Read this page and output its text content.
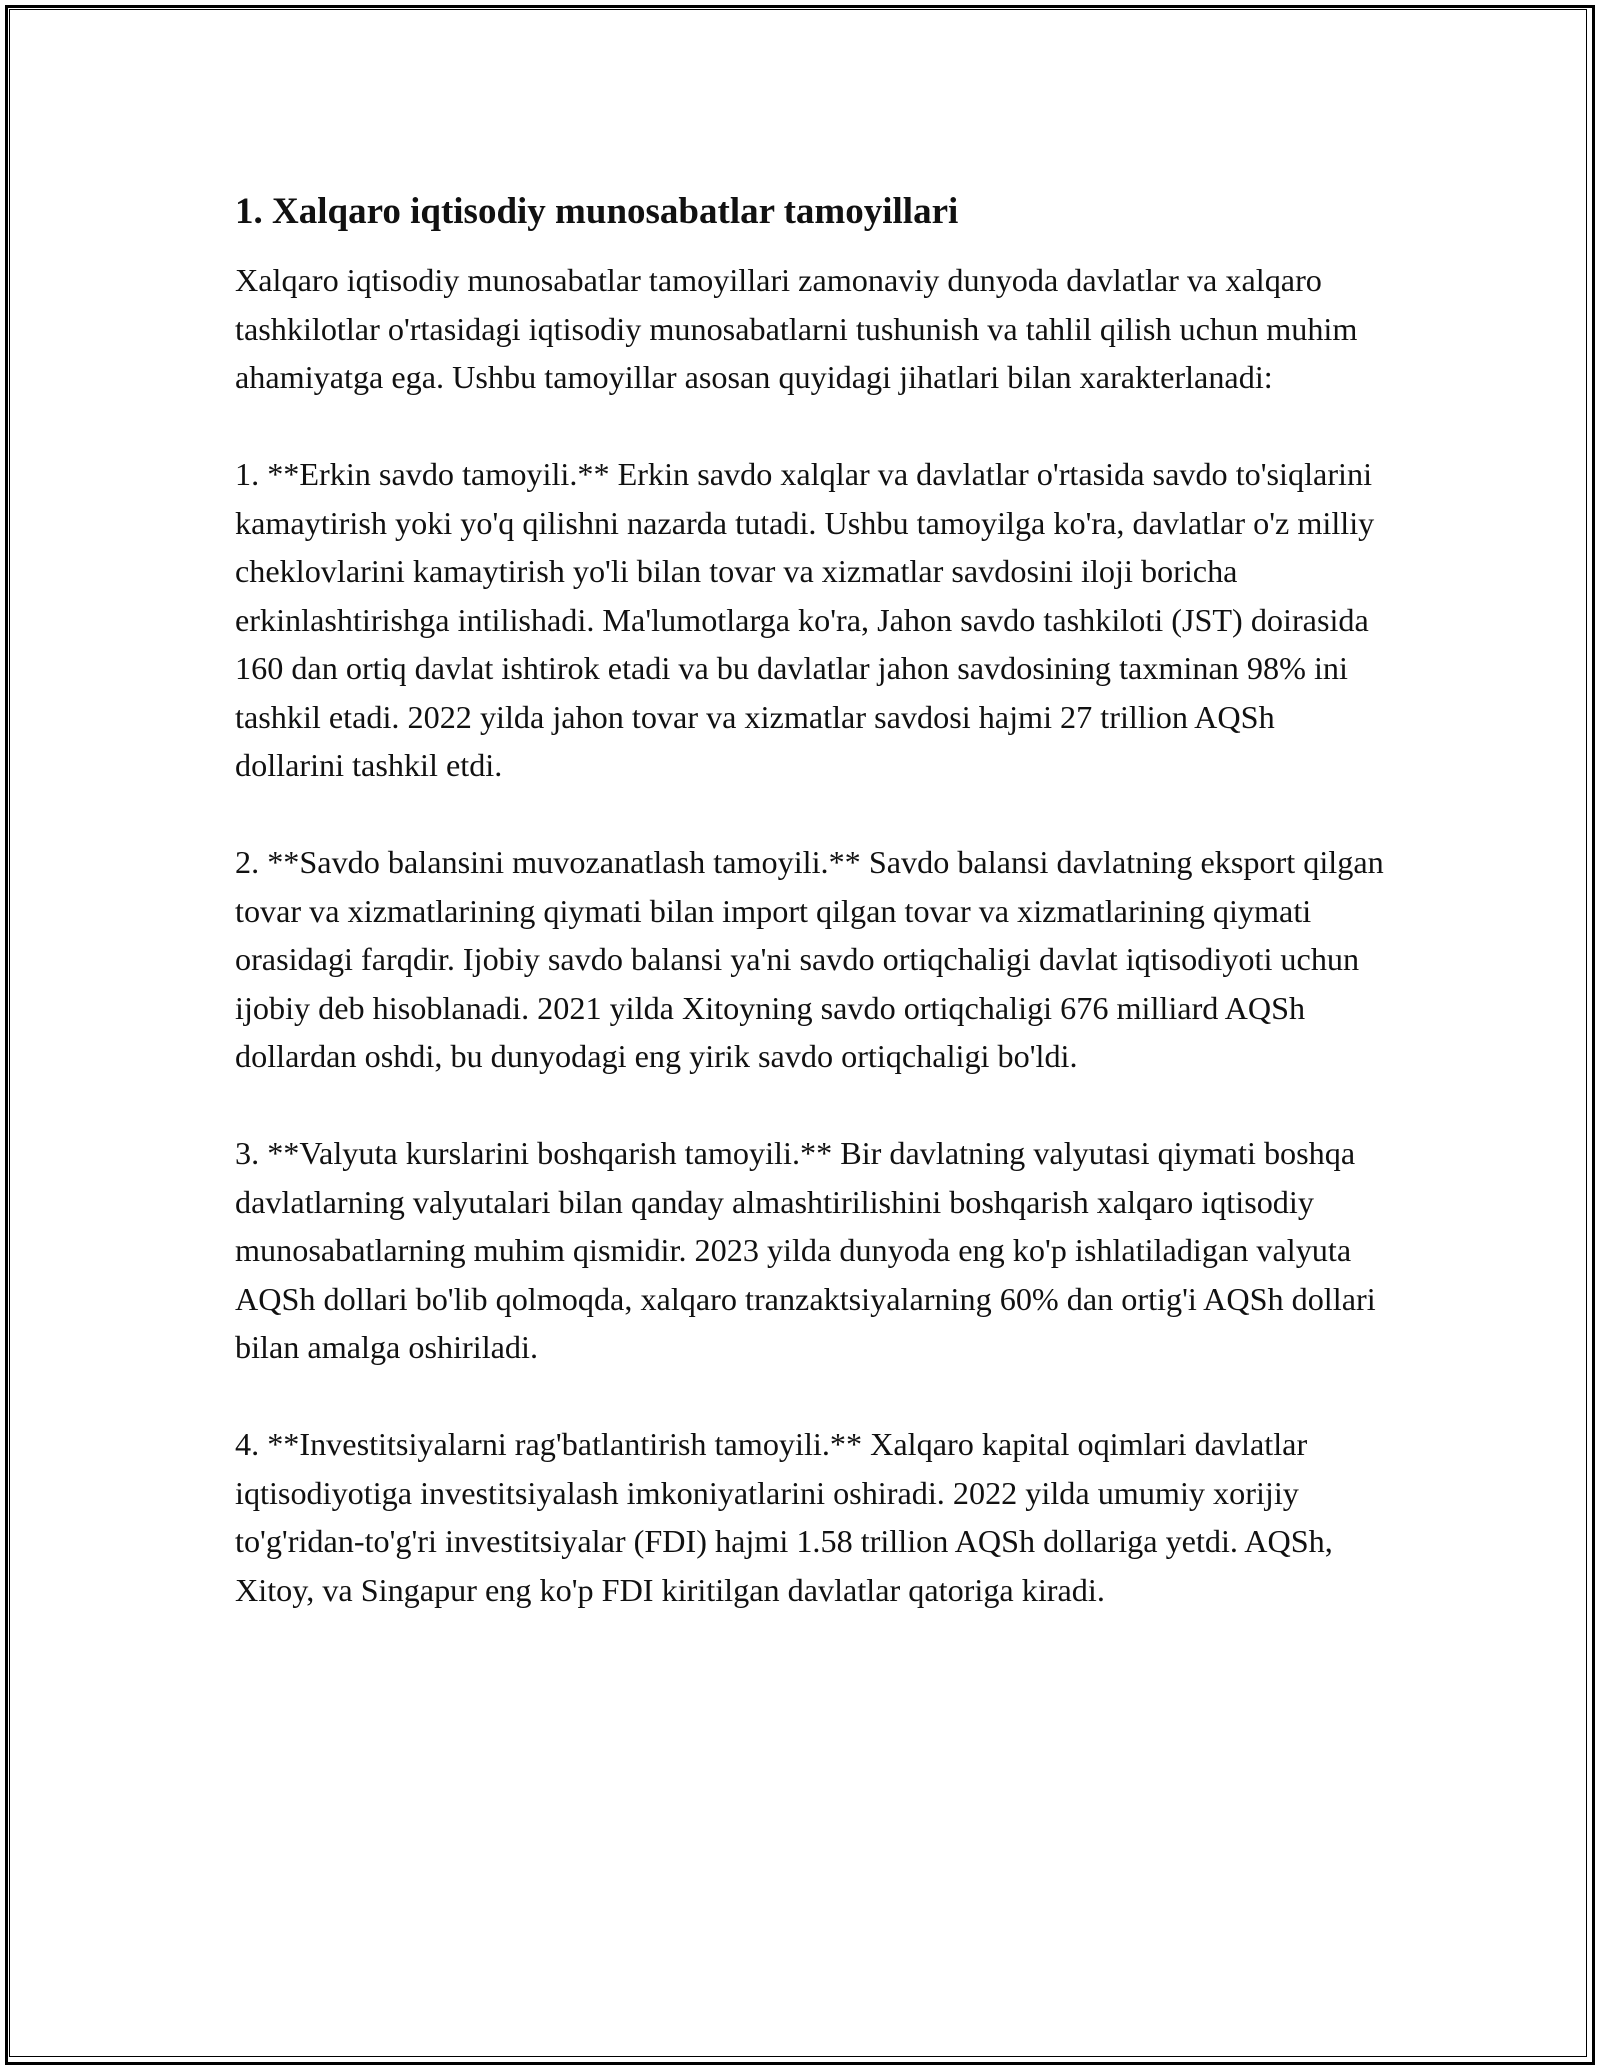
1. Xalqaro iqtisodiy munosabatlar tamoyillari

Xalqaro iqtisodiy munosabatlar tamoyillari zamonaviy dunyoda davlatlar va xalqaro tashkilotlar o'rtasidagi iqtisodiy munosabatlarni tushunish va tahlil qilish uchun muhim ahamiyatga ega. Ushbu tamoyillar asosan quyidagi jihatlari bilan xarakterlanadi:

1. **Erkin savdo tamoyili.** Erkin savdo xalqlar va davlatlar o'rtasida savdo to'siqlarini kamaytirish yoki yo'q qilishni nazarda tutadi. Ushbu tamoyilga ko'ra, davlatlar o'z milliy cheklovlarini kamaytirish yo'li bilan tovar va xizmatlar savdosini iloji boricha erkinlashtirishga intilishadi. Ma'lumotlarga ko'ra, Jahon savdo tashkiloti (JST) doirasida 160 dan ortiq davlat ishtirok etadi va bu davlatlar jahon savdosining taxminan 98% ini tashkil etadi. 2022 yilda jahon tovar va xizmatlar savdosi hajmi 27 trillion AQSh dollarini tashkil etdi.

2. **Savdo balansini muvozanatlash tamoyili.** Savdo balansi davlatning eksport qilgan tovar va xizmatlarining qiymati bilan import qilgan tovar va xizmatlarining qiymati orasidagi farqdir. Ijobiy savdo balansi ya'ni savdo ortiqchaligi davlat iqtisodiyoti uchun ijobiy deb hisoblanadi. 2021 yilda Xitoyning savdo ortiqchaligi 676 milliard AQSh dollardan oshdi, bu dunyodagi eng yirik savdo ortiqchaligi bo'ldi.

3. **Valyuta kurslarini boshqarish tamoyili.** Bir davlatning valyutasi qiymati boshqa davlatlarning valyutalari bilan qanday almashtirilishini boshqarish xalqaro iqtisodiy munosabatlarning muhim qismidir. 2023 yilda dunyoda eng ko'p ishlatiladigan valyuta AQSh dollari bo'lib qolmoqda, xalqaro tranzaktsiyalarning 60% dan ortig'i AQSh dollari bilan amalga oshiriladi.

4. **Investitsiyalarni rag'batlantirish tamoyili.** Xalqaro kapital oqimlari davlatlar iqtisodiyotiga investitsiyalash imkoniyatlarini oshiradi. 2022 yilda umumiy xorijiy to'g'ridan-to'g'ri investitsiyalar (FDI) hajmi 1.58 trillion AQSh dollariga yetdi. AQSh, Xitoy, va Singapur eng ko'p FDI kiritilgan davlatlar qatoriga kiradi.
